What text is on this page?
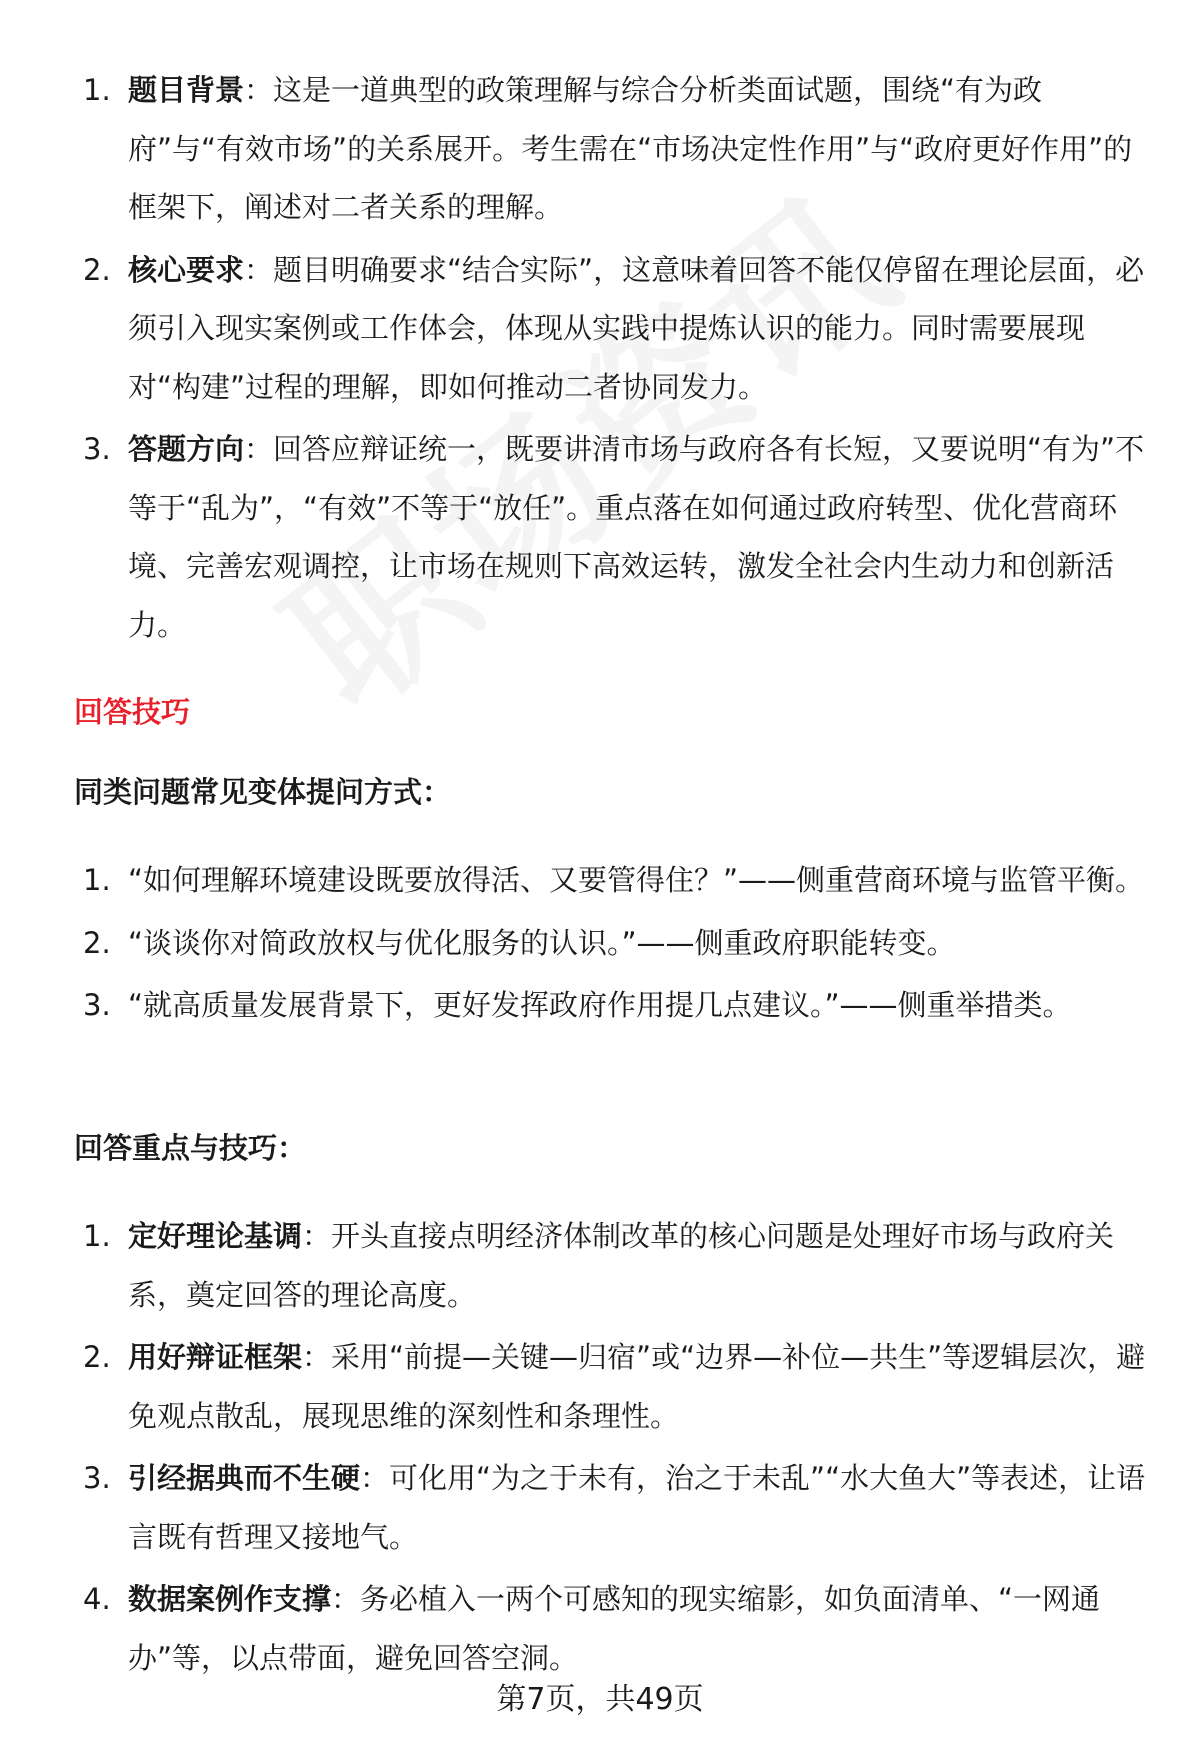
1. 题目背景：这是一道典型的政策理解与综合分析类面试题，围绕“有为政府”与“有效市场”的关系展开。考生需在“市场决定性作用”与“政府更好作用”的框架下，阐述对二者关系的理解。
2. 核心要求：题目明确要求“结合实际”，这意味着回答不能仅停留在理论层面，必须引入现实案例或工作体会，体现从实践中提炼认识的能力。同时需要展现对“构建”过程的理解，即如何推动二者协同发力。
3. 答题方向：回答应辩证统一，既要讲清市场与政府各有长短，又要说明“有为”不等于“乱为”，“有效”不等于“放任”。重点落在如何通过政府转型、优化营商环境、完善宏观调控，让市场在规则下高效运转，激发全社会内生动力和创新活力。
回答技巧
同类问题常见变体提问方式：
1. “如何理解环境建设既要放得活、又要管得住？”——侧重营商环境与监管平衡。
2. “谈谈你对简政放权与优化服务的认识。”——侧重政府职能转变。
3. “就高质量发展背景下，更好发挥政府作用提几点建议。”——侧重举措类。
回答重点与技巧：
1. 定好理论基调：开头直接点明经济体制改革的核心问题是处理好市场与政府关系，奠定回答的理论高度。
2. 用好辩证框架：采用“前提—关键—归宿”或“边界—补位—共生”等逻辑层次，避免观点散乱，展现思维的深刻性和条理性。
3. 引经据典而不生硬：可化用“为之于未有，治之于未乱”“水大鱼大”等表述，让语言既有哲理又接地气。
4. 数据案例作支撑：务必植入一两个可感知的现实缩影，如负面清单、“一网通办”等，以点带面，避免回答空洞。
第7页，共49页
